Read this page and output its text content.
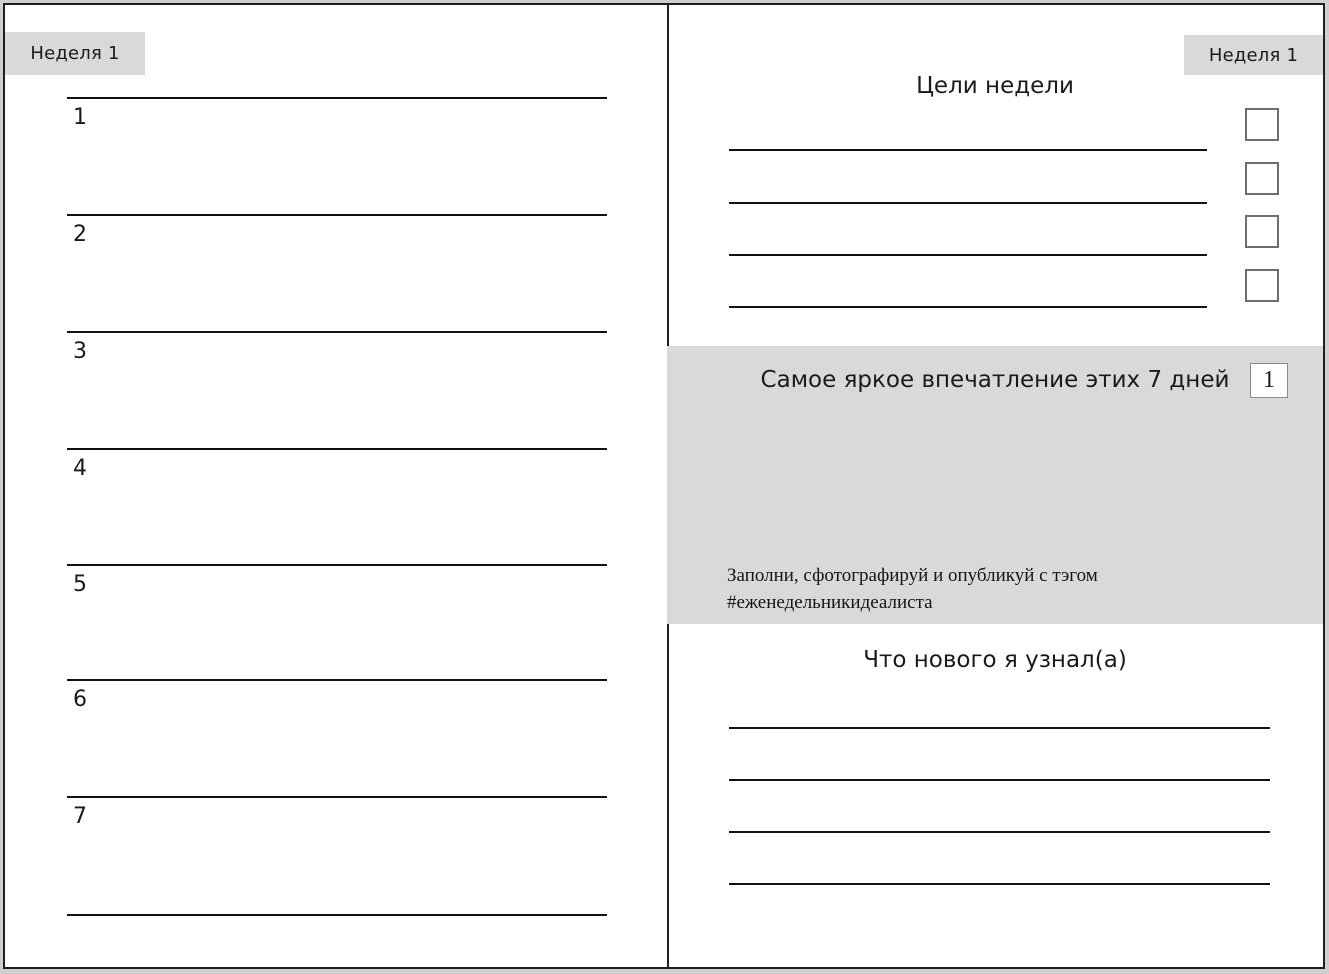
Неделя 1
1
2
3
4
5
6
7
Неделя 1
Цели недели
Самое яркое впечатление этих 7 дней	1
Заполни, сфотографируй и опубликуй с тэгом
#еженедельникидеалиста
Что нового я узнал(а)
